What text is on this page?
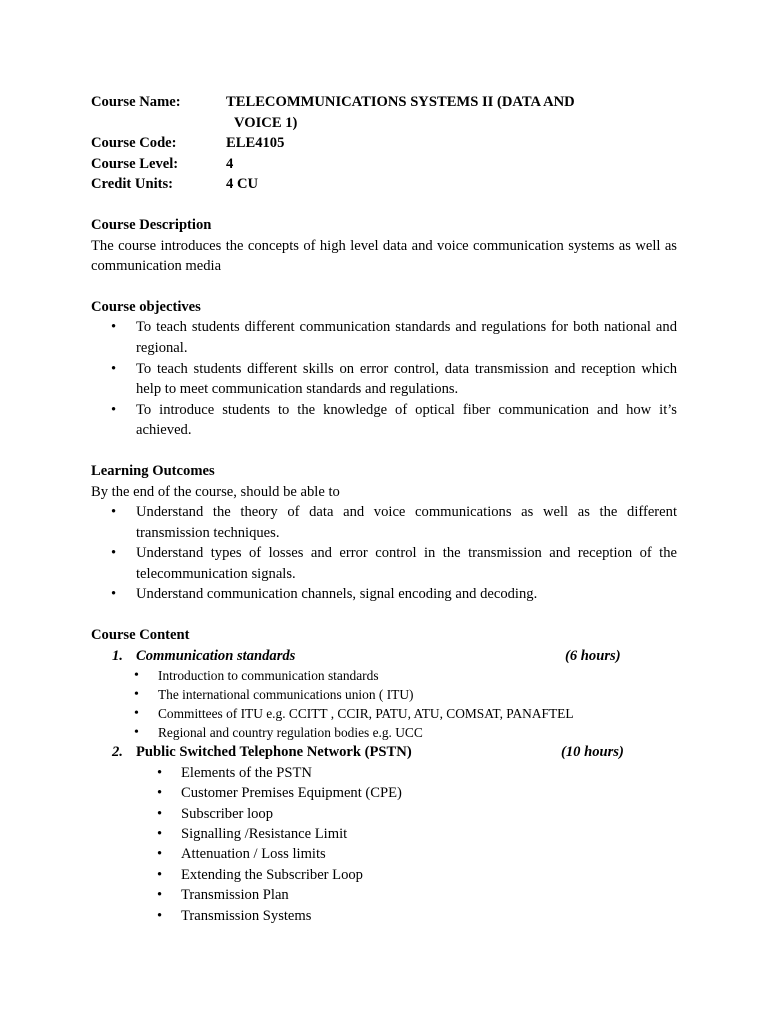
Course Name:	TELECOMMUNICATIONS SYSTEMS II (DATA AND
VOICE 1)
Course Code:	ELE4105
Course Level:	4
Credit Units:	4 CU
Course Description
The course introduces the concepts of high level data and voice communication systems as well as communication media
Course objectives
• To teach students different communication standards and regulations for both national and regional.
• To teach students different skills on error control, data transmission and reception which help to meet communication standards and regulations.
• To introduce students to the knowledge of optical fiber communication and how it’s achieved.
Learning Outcomes
By the end of the course, should be able to
• Understand the theory of data and voice communications as well as the different transmission techniques.
• Understand types of losses and error control in the transmission and reception of the telecommunication signals.
• Understand communication channels, signal encoding and decoding.
Course Content
1. Communication standards	(6 hours)
• Introduction to communication standards
• The international communications union ( ITU)
• Committees of ITU e.g. CCITT , CCIR, PATU, ATU, COMSAT, PANAFTEL
• Regional and country regulation bodies e.g. UCC
2. Public Switched Telephone Network (PSTN)	(10 hours)
• Elements of the PSTN
• Customer Premises Equipment (CPE)
• Subscriber loop
• Signalling /Resistance Limit
• Attenuation / Loss limits
• Extending the Subscriber Loop
• Transmission Plan
• Transmission Systems
